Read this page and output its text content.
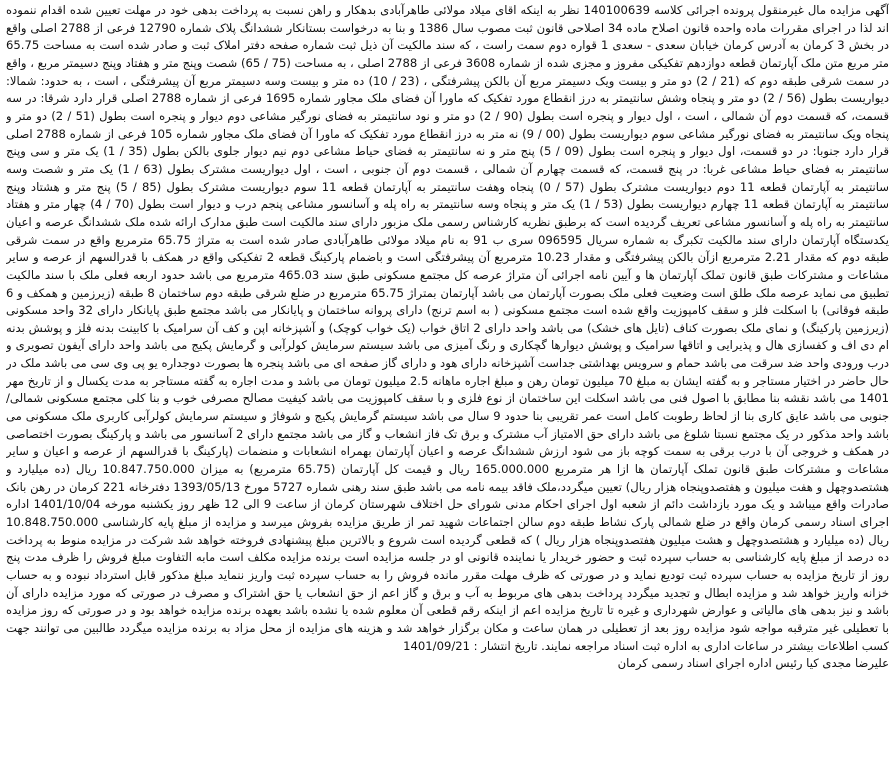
آگهی مزایده مال غیرمنقول پرونده اجرائی کلاسه 140100639 نظر به اینکه اقای میلاد مولائی طاهرآبادی بدهکار و راهن نسبت به پرداخت بدهی خود در مهلت تعیین شده اقدام ننموده اند لذا در اجرای مقررات ماده واحده قانون اصلاح ماده 34 اصلاحی قانون ثبت مصوب سال 1386 و بنا به درخواست بستانکار ششدانگ پلاک شماره 12790 فرعی از 2788 اصلی واقع در بخش 3 کرمان به آدرس کرمان خیابان سعدی - سعدی 1 قواره دوم سمت راست ، که سند مالکیت آن ذیل ثبت شماره صفحه دفتر املاک ثبت و صادر شده است به مساحت 65.75 متر مربع متن ملک آپارتمان قطعه دوازدهم تفکیکی مفروز و مجزی شده از شماره 3608 فرعی از 2788 اصلی ، به مساحت (75 / 65) شصت وپنج متر و هفتاد وپنج دسیمتر مربع ، واقع در سمت شرقی طبقه دوم که (21 / 2) دو متر و بیست ویک دسیمتر مربع آن بالکن پیشرفتگی ، (23 / 10) ده متر و بیست وسه دسیمتر مربع آن پیشرفتگی ، است ، به حدود: شمالا: دیواریست بطول (56 / 2) دو متر و پنجاه وشش سانتیمتر به درز انقطاع مورد تفکیک که ماورا آن فضای ملک مجاور شماره 1695 فرعی از شماره 2788 اصلی قرار دارد شرقا: در سه قسمت، که قسمت دوم آن شمالی ، است ، اول دیوار و پنجره است بطول (90 / 2) دو متر و نود سانتیمتر به فضای نورگیر مشاعی دوم دیوار و پنجره است بطول (51 / 2) دو متر و پنجاه ویک سانتیمتر به فضای نورگیر مشاعی سوم دیواریست بطول (00 / 9) نه متر به درز انقطاع مورد تفکیک که ماورا آن فضای ملک مجاور شماره 105 فرعی از شماره 2788 اصلی قرار دارد جنوبا: در دو قسمت، اول دیوار و پنجره است بطول (09 / 5) پنج متر و نه سانتیمتر به فضای حیاط مشاعی دوم نیم دیوار جلوی بالکن بطول (35 / 1) یک متر و سی وپنج سانتیمتر به فضای حیاط مشاعی غربا: در پنج قسمت، که قسمت چهارم آن شمالی ، قسمت دوم آن جنوبی ، است ، اول دیواریست مشترک بطول (63 / 1) یک متر و شصت وسه سانتیمتر به آپارتمان قطعه 11 دوم دیواریست مشترک بطول (57 / 0) پنجاه وهفت سانتیمتر به آپارتمان قطعه 11 سوم دیواریست مشترک بطول (85 / 5) پنج متر و هشتاد وپنج سانتیمتر به آپارتمان قطعه 11 چهارم دیواریست بطول (53 / 1) یک متر و پنجاه وسه سانتیمتر به راه پله و آسانسور مشاعی پنجم درب و دیوار است بطول (70 / 4) چهار متر و هفتاد سانتیمتر به راه پله و آسانسور مشاعی تعریف گردیده است که برطبق نظریه کارشناس رسمی ملک مزبور دارای سند مالکیت است طبق مدارک ارائه شده ملک ششدانگ عرصه و اعیان یکدستگاه آپارتمان دارای سند مالکیت تکبرگ به شماره سریال 096595 سری ب 91 به نام میلاد مولائی طاهرآبادی صادر شده است به متراژ 65.75 مترمربع واقع در سمت شرقی طبقه دوم که مقدار 2.21 مترمربع ازآن بالکن پیشرفتگی و مقدار 10.23 مترمربع آن پیشرفتگی است و باضمام پارکینگ قطعه 2 تفکیکی واقع در همکف با قدرالسهم از عرصه و سایر مشاعات و مشترکات طبق قانون تملک آپارتمان ها و آیین نامه اجرائی آن متراژ عرصه کل مجتمع مسکونی طبق سند 465.03 مترمربع می باشد حدود اربعه فعلی ملک با سند مالکیت تطبیق می نماید عرصه ملک طلق است وضعیت فعلی ملک بصورت آپارتمان می باشد آپارتمان بمتراژ 65.75 مترمربع در ضلع شرقی طبقه دوم ساختمان 8 طبقه (زیرزمین و همکف و 6 طبقه فوقانی) با اسکلت فلز و سقف کامپوزیت واقع شده است مجتمع مسکونی ( به اسم ترنج) دارای پروانه ساختمان و پایانکار می باشد مجتمع طبق پایانکار دارای 32 واحد مسکونی (زیرزمین پارکینگ) و نمای ملک بصورت کناف (تایل های خشک) می باشد واحد دارای 2 اتاق خواب (یک خواب کوچک) و آشپزخانه اپن و کف آن سرامیک با کابینت بدنه فلز و پوشش بدنه ام دی اف و کفسازی هال و پذیرایی و اتاقها سرامیک و پوشش دیوارها گچکاری و رنگ آمیزی می باشد سیستم سرمایش کولرآبی و گرمایش پکیج می باشد واحد دارای آیفون تصویری و درب ورودی واحد ضد سرقت می باشد حمام و سرویس بهداشتی جداست آشپزخانه دارای هود و دارای گاز صفحه ای می باشد پنجره ها بصورت دوجداره یو پی وی سی می باشد ملک در حال حاضر در اختیار مستاجر و به گفته ایشان به مبلغ 70 میلیون تومان رهن و مبلغ اجاره ماهانه 2.5 میلیون تومان می باشد و مدت اجاره به گفته مستاجر به مدت یکسال و از تاریخ مهر 1401 می باشد نقشه بنا مطابق با اصول فنی می باشد اسکلت این ساختمان از نوع فلزی و با سقف کامپوزیت می باشد کیفیت مصالح مصرفی خوب و بنا کلی مجتمع مسکونی شمالی/جنوبی می باشد عایق کاری بنا از لحاظ رطوبت کامل است عمر تقریبی بنا حدود 9 سال می باشد سیستم گرمایش پکیج و شوفاژ و سیستم سرمایش کولرآبی کاربری ملک مسکونی می باشد واحد مذکور در یک مجتمع نسبتا شلوغ می باشد دارای حق الامتیاز آب مشترک و برق تک فاز انشعاب و گاز می باشد مجتمع دارای 2 آسانسور می باشد و پارکینگ بصورت اختصاصی در همکف و خروجی آن با درب برقی به سمت کوچه باز می شود ارزش ششدانگ عرصه و اعیان آپارتمان بهمراه انشعابات و منضمات (پارکینگ با قدرالسهم از عرصه و اعیان و سایر مشاعات و مشترکات طبق قانون تملک آپارتمان ها ازا هر مترمربع 165.000.000 ریال و قیمت کل آپارتمان (65.75 مترمربع) به میزان 10.847.750.000 ریال (ده میلیارد و هشتصدوچهل و هفت میلیون و هفتصدوپنجاه هزار ریال) تعیین میگردد،ملک فاقد بیمه نامه می باشد طبق سند رهنی شماره 5727 مورخ 1393/05/13 دفترخانه 221 کرمان در رهن بانک صادرات واقع میباشد و یک مورد بازداشت دائم از شعبه اول اجرای احکام مدنی شورای حل اختلاف شهرستان کرمان از ساعت 9 الی 12 ظهر روز یکشنبه مورخه 1401/10/04 اداره اجرای اسناد رسمی کرمان واقع در ضلع شمالی پارک نشاط طبقه دوم سالن اجتماعات شهید تمر از طریق مزایده بفروش میرسد و مزایده از مبلغ پایه کارشناسی 10.848.750.000 ریال (ده میلیارد و هشتصدوچهل و هشت میلیون هفتصدوپنجاه هزار ریال ) که قطعی گردیده است شروع و بالاترین مبلغ پیشنهادی فروخته خواهد شد شرکت در مزایده منوط به پرداخت ده درصد از مبلغ پایه کارشناسی به حساب سپرده ثبت و حضور خریدار یا نماینده قانونی او در جلسه مزایده است برنده مزایده مکلف است مابه التفاوت مبلغ فروش را ظرف مدت پنج روز از تاریخ مزایده به حساب سپرده ثبت تودیع نماید و در صورتی که ظرف مهلت مقرر مانده فروش را به حساب سپرده ثبت واریز ننماید مبلغ مذکور قابل استرداد نبوده و به حساب خزانه واریز خواهد شد و مزایده ابطال و تجدید میگردد پرداخت بدهی های مربوط به آب و برق و گاز اعم از حق انشعاب یا حق اشتراک و مصرف در صورتی که مورد مزایده دارای آن باشد و نیز بدهی های مالیاتی و عوارض شهرداری و غیره تا تاریخ مزایده اعم از اینکه رقم قطعی آن معلوم شده یا نشده باشد بعهده برنده مزایده خواهد بود و در صورتی که روز مزایده با تعطیلی غیر مترقبه مواجه شود مزایده روز بعد از تعطیلی در همان ساعت و مکان برگزار خواهد شد و هزینه های مزایده از محل مزاد به برنده مزایده میگردد طالبین می توانند جهت کسب اطلاعات بیشتر در ساعات اداری به اداره ثبت اسناد مراجعه نمایند. تاریخ انتشار : 1401/09/21

علیرضا مجدی کیا رئیس اداره اجرای اسناد رسمی کرمان
